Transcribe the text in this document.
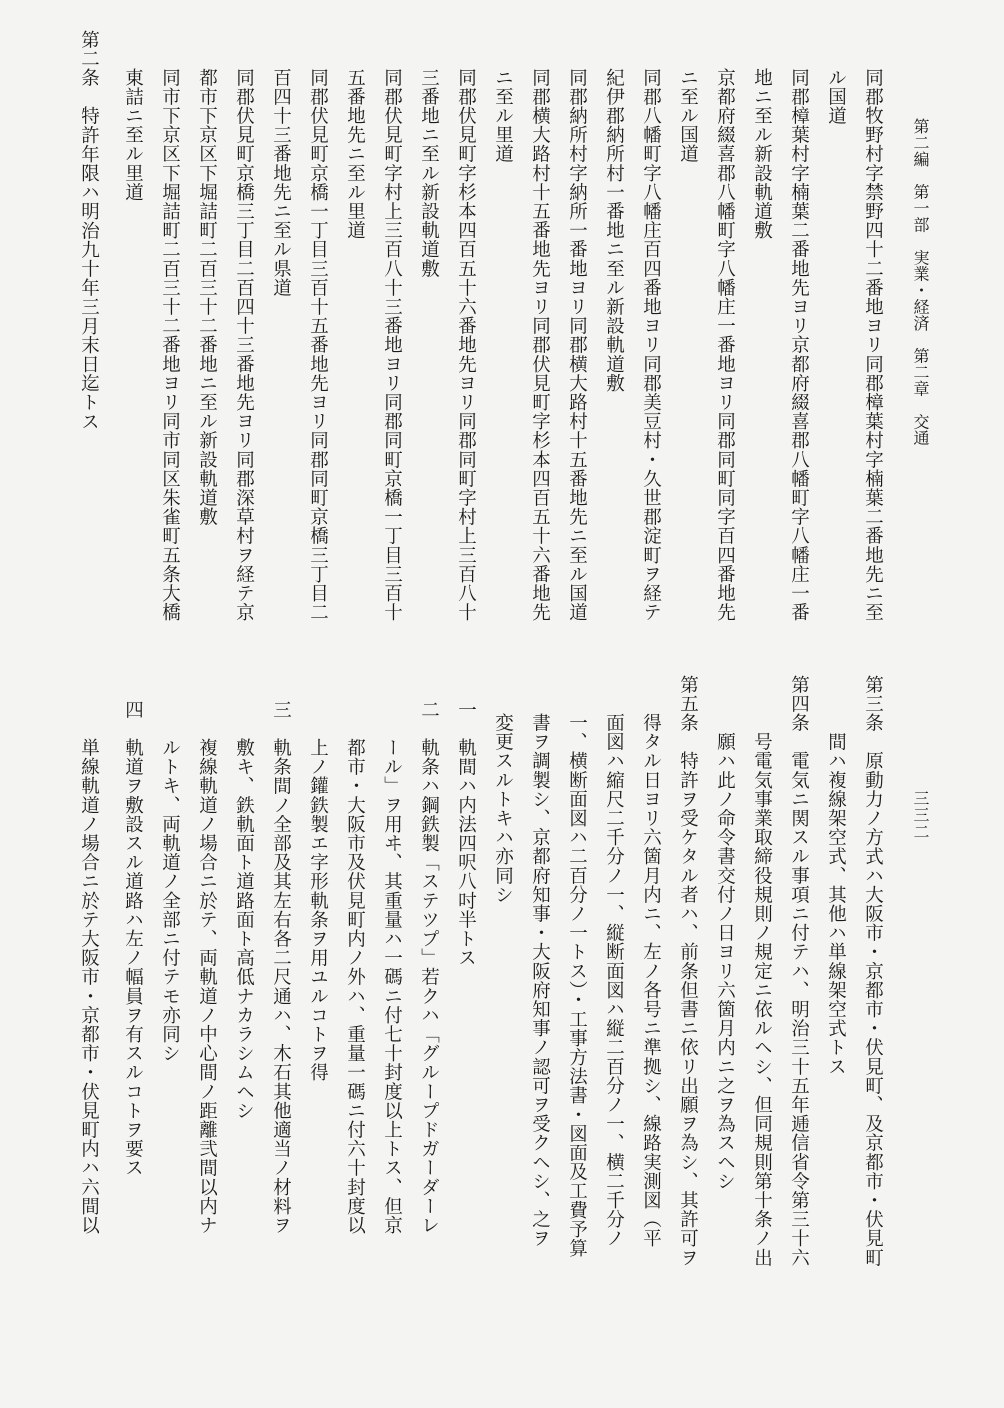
第二編　第一部　実業・経済　第二章　交通
三三二
同郡牧野村字禁野四十二番地ヨリ同郡樟葉村字楠葉二番地先ニ至
ル国道
同郡樟葉村字楠葉二番地先ヨリ京都府綴喜郡八幡町字八幡庄一番
地ニ至ル新設軌道敷
京都府綴喜郡八幡町字八幡庄一番地ヨリ同郡同町同字百四番地先
ニ至ル国道
同郡八幡町字八幡庄百四番地ヨリ同郡美豆村・久世郡淀町ヲ経テ
紀伊郡納所村一番地ニ至ル新設軌道敷
同郡納所村字納所一番地ヨリ同郡横大路村十五番地先ニ至ル国道
同郡横大路村十五番地先ヨリ同郡伏見町字杉本四百五十六番地先
ニ至ル里道
同郡伏見町字杉本四百五十六番地先ヨリ同郡同町字村上三百八十
三番地ニ至ル新設軌道敷
同郡伏見町字村上三百八十三番地ヨリ同郡同町京橋一丁目三百十
五番地先ニ至ル里道
同郡伏見町京橋一丁目三百十五番地先ヨリ同郡同町京橋三丁目二
百四十三番地先ニ至ル県道
同郡伏見町京橋三丁目二百四十三番地先ヨリ同郡深草村ヲ経テ京
都市下京区下堀詰町二百三十二番地ニ至ル新設軌道敷
同市下京区下堀詰町二百三十二番地ヨリ同市同区朱雀町五条大橋
東詰ニ至ル里道
第二条　特許年限ハ明治九十年三月末日迄トス
第三条　原動力ノ方式ハ大阪市・京都市・伏見町、及京都市・伏見町
　　　間ハ複線架空式、其他ハ単線架空式トス
第四条　電気ニ関スル事項ニ付テハ、明治三十五年逓信省令第三十六
　　　号電気事業取締役規則ノ規定ニ依ルヘシ、但同規則第十条ノ出
　　　願ハ此ノ命令書交付ノ日ヨリ六箇月内ニ之ヲ為スヘシ
第五条　特許ヲ受ケタル者ハ、前条但書ニ依リ出願ヲ為シ、其許可ヲ
　　得タル日ヨリ六箇月内ニ、左ノ各号ニ準拠シ、線路実測図（平
　　面図ハ縮尺二千分ノ一、縦断面図ハ縦二百分ノ一、横二千分ノ
　　一、横断面図ハ二百分ノ一トス）・工事方法書・図面及工費予算
　　書ヲ調製シ、京都府知事・大阪府知事ノ認可ヲ受クヘシ、之ヲ
　　変更スルトキハ亦同シ
一　軌間ハ内法四呎八吋半トス
二　軌条ハ鋼鉄製「ステツプ」若クハ「グループドガーダーレ
　　ール」ヲ用ヰ、其重量ハ一碼ニ付七十封度以上トス、但京
　　都市・大阪市及伏見町内ノ外ハ、重量一碼ニ付六十封度以
　　上ノ鑵鉄製エ字形軌条ヲ用ユルコトヲ得
三　軌条間ノ全部及其左右各二尺通ハ、木石其他適当ノ材料ヲ
　　敷キ、鉄軌面ト道路面ト高低ナカラシムヘシ
　　複線軌道ノ場合ニ於テ、両軌道ノ中心間ノ距離弐間以内ナ
　　ルトキ、両軌道ノ全部ニ付テモ亦同シ
四　軌道ヲ敷設スル道路ハ左ノ幅員ヲ有スルコトヲ要ス
　　単線軌道ノ場合ニ於テ大阪市・京都市・伏見町内ハ六間以
